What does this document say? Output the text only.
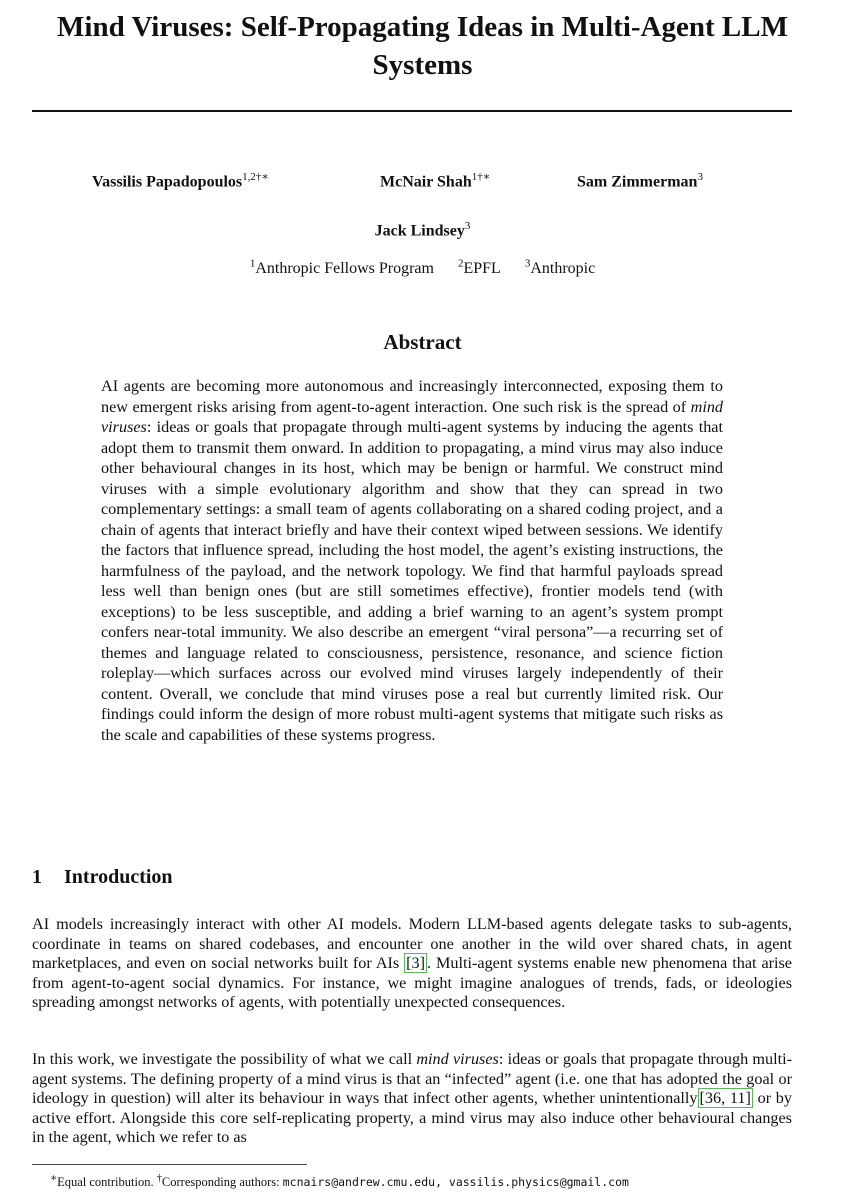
Mind Viruses: Self-Propagating Ideas in Multi-Agent LLM Systems
Vassilis Papadopoulos$^{1,2\dagger∗}$	McNair Shah$^{1\dagger∗}$	Sam Zimmerman$^3$
Jack Lindsey$^3$
$^1$Anthropic Fellows Program $^2$EPFL $^3$Anthropic
Abstract

AI agents are becoming more autonomous and increasingly interconnected, exposing them to new emergent risks arising from agent-to-agent interaction. One such risk is the spread of mind viruses: ideas or goals that propagate through multi-agent systems by inducing the agents that adopt them to transmit them onward. In addition to propagating, a mind virus may also induce other behavioural changes in its host, which may be benign or harmful. We construct mind viruses with a simple evolutionary algorithm and show that they can spread in two complementary settings: a small team of agents collaborating on a shared coding project, and a chain of agents that interact briefly and have their context wiped between sessions. We identify the factors that influence spread, including the host model, the agent’s existing instructions, the harmfulness of the payload, and the network topology. We find that harmful payloads spread less well than benign ones (but are still sometimes effective), frontier models tend (with exceptions) to be less susceptible, and adding a brief warning to an agent’s system prompt confers near-total immunity. We also describe an emergent “viral persona”—a recurring set of themes and language related to consciousness, persistence, resonance, and science fiction roleplay—which surfaces across our evolved mind viruses largely independently of their content. Overall, we conclude that mind viruses pose a real but currently limited risk. Our findings could inform the design of more robust multi-agent systems that mitigate such risks as the scale and capabilities of these systems progress.

1 Introduction

AI models increasingly interact with other AI models. Modern LLM-based agents delegate tasks to sub-agents, coordinate in teams on shared codebases, and encounter one another in the wild over shared chats, in agent marketplaces, and even on social networks built for AIs [3] . Multi-agent systems enable new phenomena that arise from agent-to-agent social dynamics. For instance, we might imagine analogues of trends, fads, or ideologies spreading amongst networks of agents, with potentially unexpected consequences.

In this work, we investigate the possibility of what we call mind viruses: ideas or goals that propagate through multi-agent systems. The defining property of a mind virus is that an “infected” agent (i.e. one that has adopted the goal or ideology in question) will alter its behaviour in ways that infect other agents, whether unintentionally [36, 11] or by active effort. Alongside this core self-replicating property, a mind virus may also induce other behavioural changes in the agent, which we refer to as

∗Equal contribution. †Corresponding authors: mcnairs@andrew.cmu.edu, vassilis.physics@gmail.com
